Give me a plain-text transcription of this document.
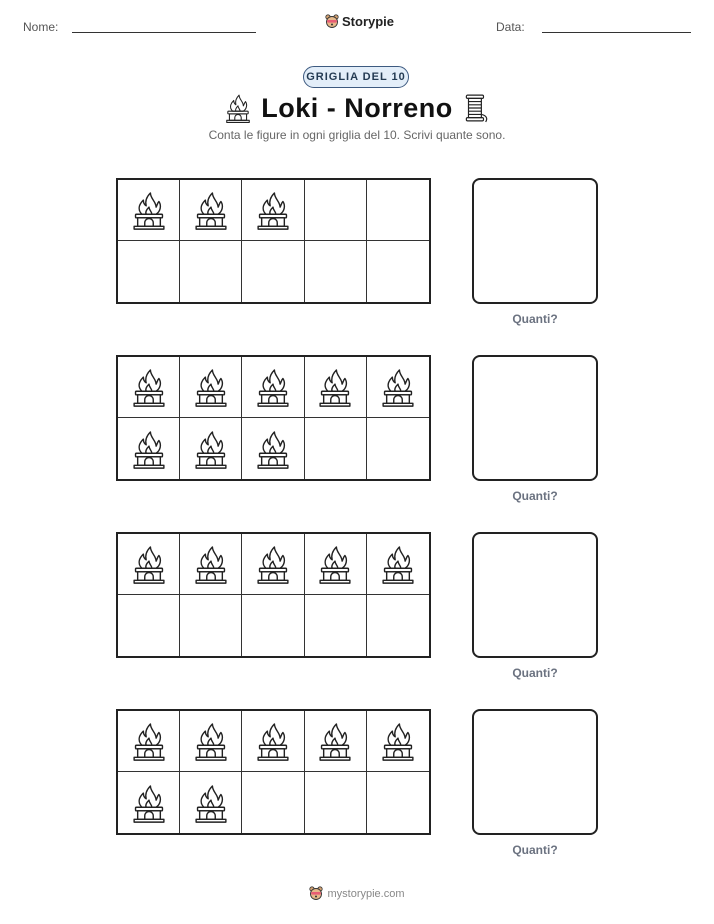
Nome:	Storypie	Data:
GRIGLIA DEL 10
Loki - Norreno
Conta le figure in ogni griglia del 10. Scrivi quante sono.
Quanti?
Quanti?
Quanti?
Quanti?
mystorypie.com
